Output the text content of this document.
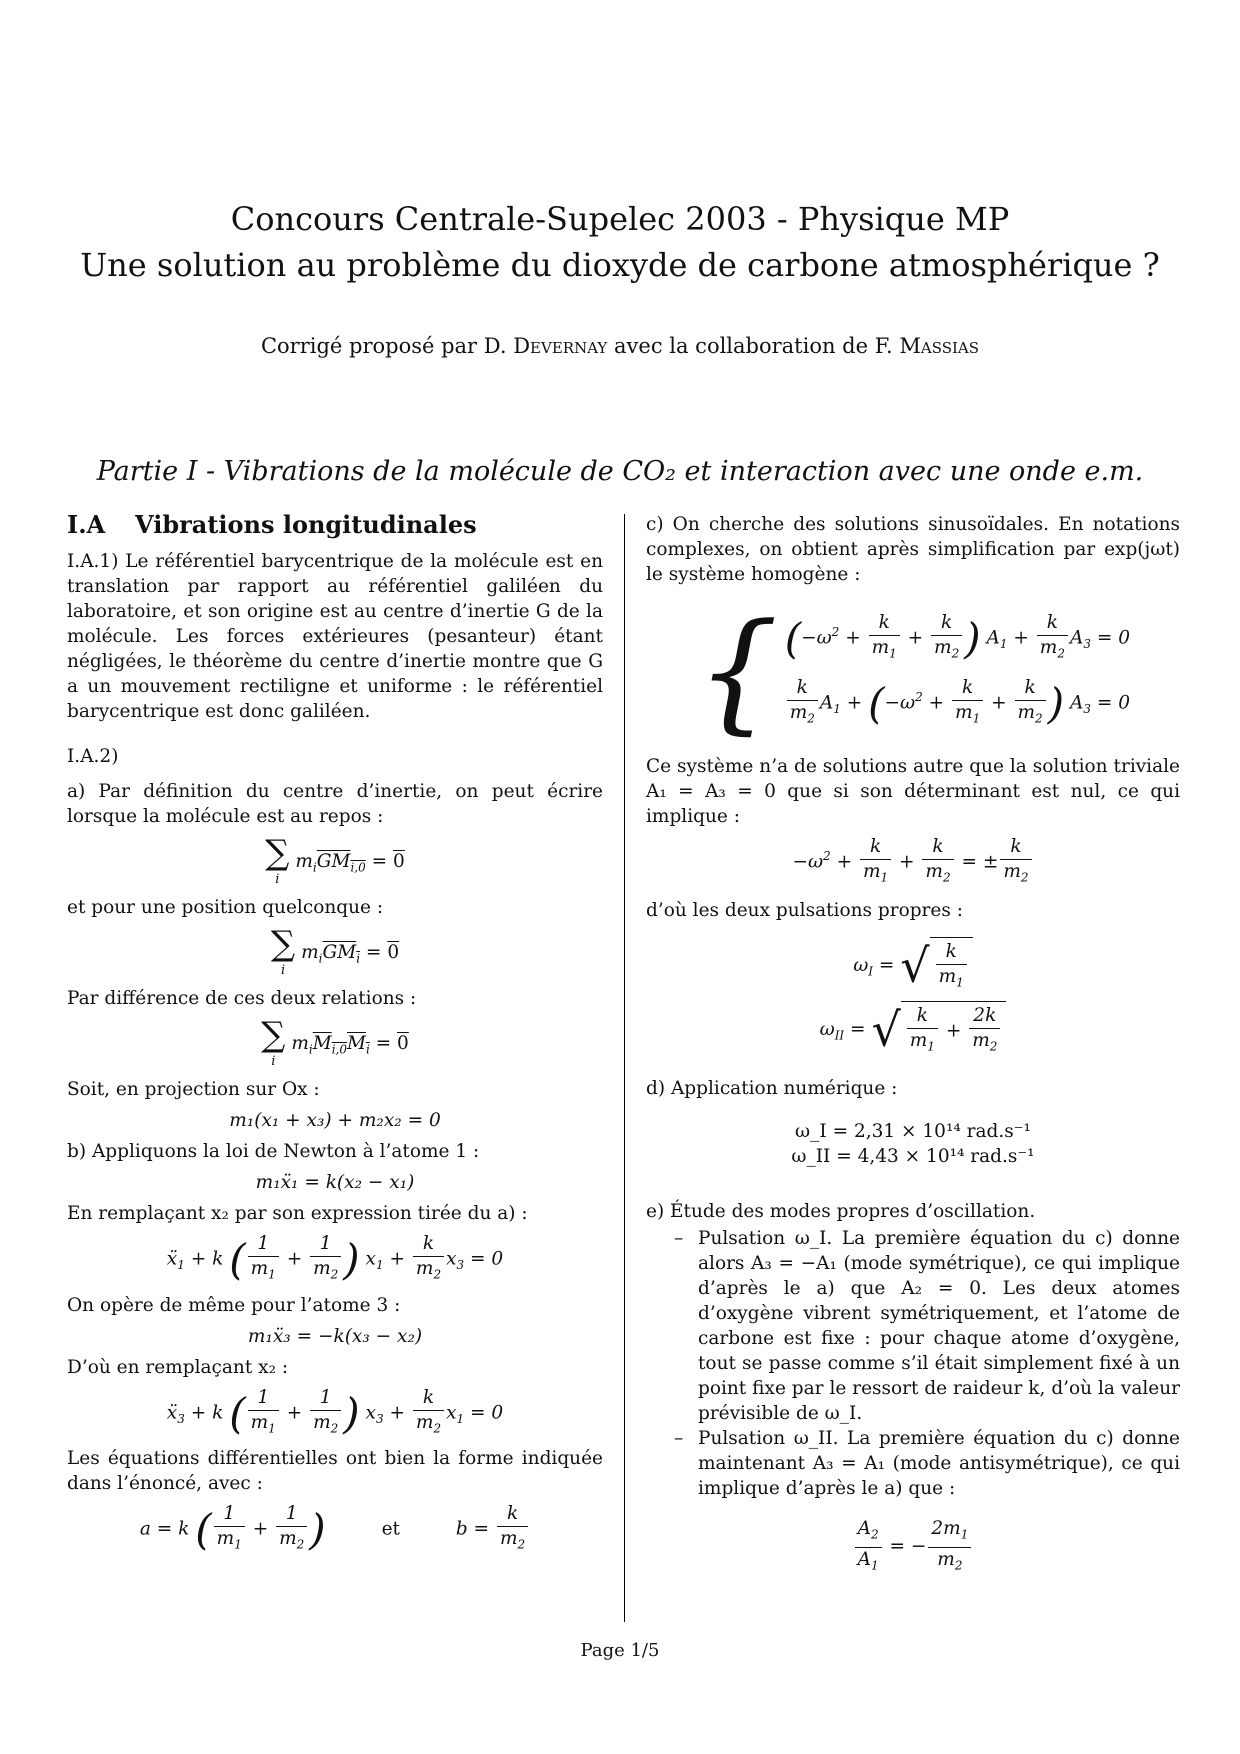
Concours Centrale-Supelec 2003 - Physique MP
Une solution au problème du dioxyde de carbone atmosphérique ?
Corrigé proposé par D. Devernay avec la collaboration de F. Massias
Partie I - Vibrations de la molécule de CO₂ et interaction avec une onde e.m.
I.A Vibrations longitudinales

I.A.1) Le référentiel barycentrique de la molécule est en translation par rapport au référentiel galiléen du laboratoire, et son origine est au centre d’inertie G de la molécule. Les forces extérieures (pesanteur) étant négligées, le théorème du centre d’inertie montre que G a un mouvement rectiligne et uniforme : le référentiel barycentrique est donc galiléen.

I.A.2)

a) Par définition du centre d’inertie, on peut écrire lorsque la molécule est au repos :

∑
i
$m_iGM_{i,0} = 0$

et pour une position quelconque :

∑
i
$m_iGM_i = 0$

Par différence de ces deux relations :

∑
i
$m_iM_{i,0}M_i = 0$

Soit, en projection sur Ox :

m₁(x₁ + x₃) + m₂x₂ = 0

b) Appliquons la loi de Newton à l’atome 1 :

m₁ẍ₁ = k(x₂ − x₁)

En remplaçant x₂ par son expression tirée du a) :

ẍ$_1$ + k ( $\frac{1}{m_1} + \frac{1}{m_2}$ ) $x_1 + \frac{k}{m_2} x_3 = 0$

On opère de même pour l’atome 3 :

m₁ẍ₃ = −k(x₃ − x₂)

D’où en remplaçant x₂ :

ẍ$_3$ + k ( $\frac{1}{m_1} + \frac{1}{m_2}$ ) $x_3 + \frac{k}{m_2} x_1 = 0$

Les équations différentielles ont bien la forme indiquée dans l’énoncé, avec :

a = k ( $\frac{1}{m_1} + \frac{1}{m_2}$ )	et	$b = \frac{k}{m_2}$

c) On cherche des solutions sinusoïdales. En notations complexes, on obtient après simplification par exp(jωt) le système homogène :

{ ($-\omega^2 + \frac{k}{m_1} + \frac{k}{m_2}$ ) $A_1 + \frac{k}{m_2} A_3 = 0$
$\frac{k}{m_2} A_1 + (-\omega^2 + \frac{k}{m_1} + \frac{k}{m_2}$ ) $A_3 = 0$

Ce système n’a de solutions autre que la solution triviale A₁ = A₃ = 0 que si son déterminant est nul, ce qui implique :

$-\omega^2 + \frac{k}{m_1} + \frac{k}{m_2}$ = ± $\frac{k}{m_2}$

d’où les deux pulsations propres :

$\omega_I$ = √ $\frac{k}{m_1}$
$\omega_{II}$ = √ $\frac{k}{m_1} + \frac{2k}{m_2}$

d) Application numérique :

ω_I = 2,31 × 10¹⁴ rad.s⁻¹
ω_II = 4,43 × 10¹⁴ rad.s⁻¹

e) Étude des modes propres d’oscillation.

– Pulsation ω_I. La première équation du c) donne alors A₃ = −A₁ (mode symétrique), ce qui implique d’après le a) que A₂ = 0. Les deux atomes d’oxygène vibrent symétriquement, et l’atome de carbone est fixe : pour chaque atome d’oxygène, tout se passe comme s’il était simplement fixé à un point fixe par le ressort de raideur k, d’où la valeur prévisible de ω_I.
– Pulsation ω_II. La première équation du c) donne maintenant A₃ = A₁ (mode antisymétrique), ce qui implique d’après le a) que :
$\frac{A_2}{A_1}$ = − $\frac{2m_1}{m_2}$
Page 1/5
